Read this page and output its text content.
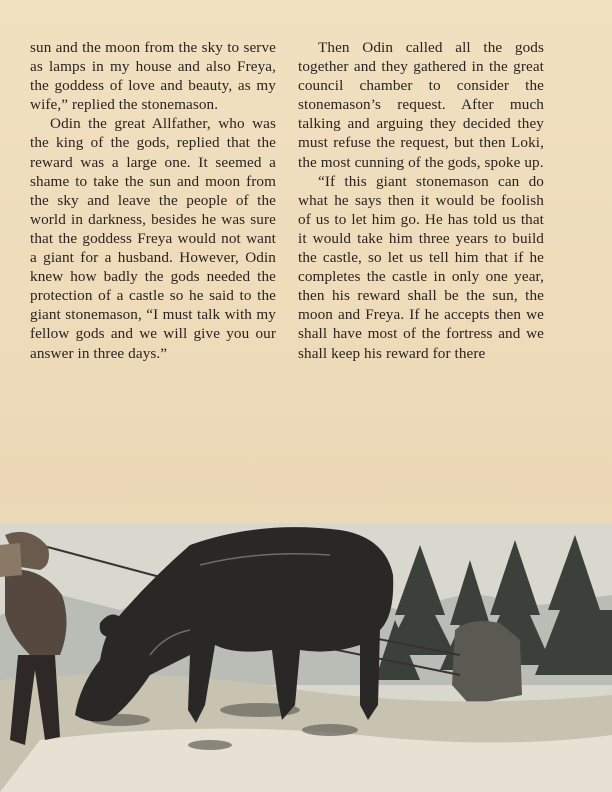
sun and the moon from the sky to serve as lamps in my house and also Freya, the goddess of love and beauty, as my wife,” replied the stonemason.

Odin the great Allfather, who was the king of the gods, replied that the reward was a large one. It seemed a shame to take the sun and moon from the sky and leave the people of the world in darkness, besides he was sure that the goddess Freya would not want a giant for a husband. However, Odin knew how badly the gods needed the protection of a castle so he said to the giant stonemason, “I must talk with my fellow gods and we will give you our answer in three days.”

Then Odin called all the gods together and they gathered in the great council chamber to consider the stonemason’s request. After much talking and arguing they decided they must refuse the request, but then Loki, the most cunning of the gods, spoke up.

“If this giant stonemason can do what he says then it would be foolish of us to let him go. He has told us that it would take him three years to build the castle, so let us tell him that if he completes the castle in only one year, then his reward shall be the sun, the moon and Freya. If he accepts then we shall have most of the fortress and we shall keep his reward for there
